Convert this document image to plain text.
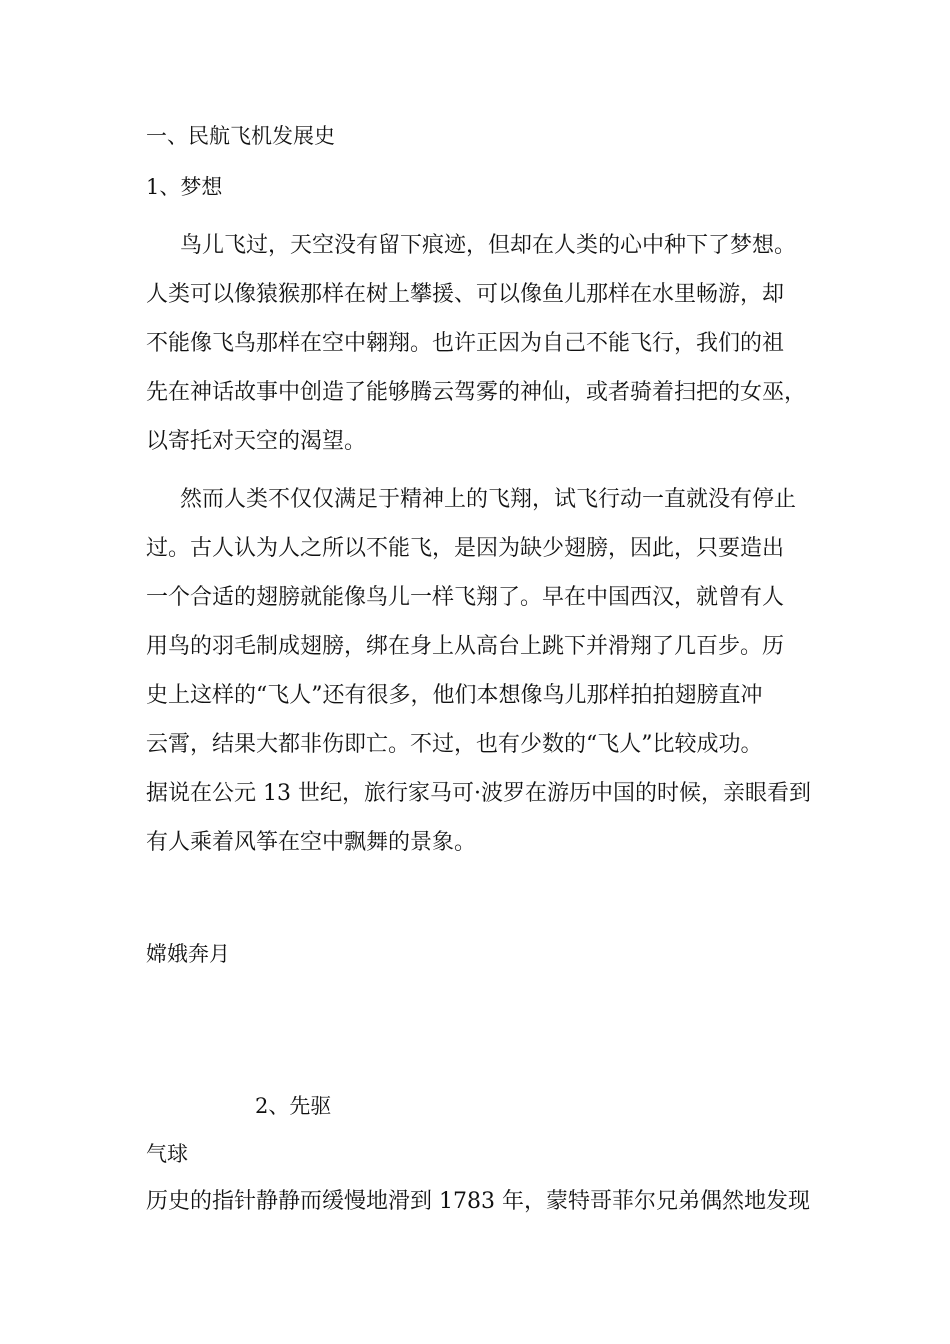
一、民航飞机发展史
1、梦想
鸟儿飞过，天空没有留下痕迹，但却在人类的心中种下了梦想。
人类可以像猿猴那样在树上攀援、可以像鱼儿那样在水里畅游，却
不能像飞鸟那样在空中翱翔。也许正因为自己不能飞行，我们的祖
先在神话故事中创造了能够腾云驾雾的神仙，或者骑着扫把的女巫，
以寄托对天空的渴望。
然而人类不仅仅满足于精神上的飞翔，试飞行动一直就没有停止
过。古人认为人之所以不能飞，是因为缺少翅膀，因此，只要造出
一个合适的翅膀就能像鸟儿一样飞翔了。早在中国西汉，就曾有人
用鸟的羽毛制成翅膀，绑在身上从高台上跳下并滑翔了几百步。历
史上这样的“飞人”还有很多，他们本想像鸟儿那样拍拍翅膀直冲
云霄，结果大都非伤即亡。不过，也有少数的“飞人”比较成功。
据说在公元 13 世纪，旅行家马可·波罗在游历中国的时候，亲眼看到
有人乘着风筝在空中飘舞的景象。
嫦娥奔月
2、先驱
气球
历史的指针静静而缓慢地滑到 1783 年，蒙特哥菲尔兄弟偶然地发现
